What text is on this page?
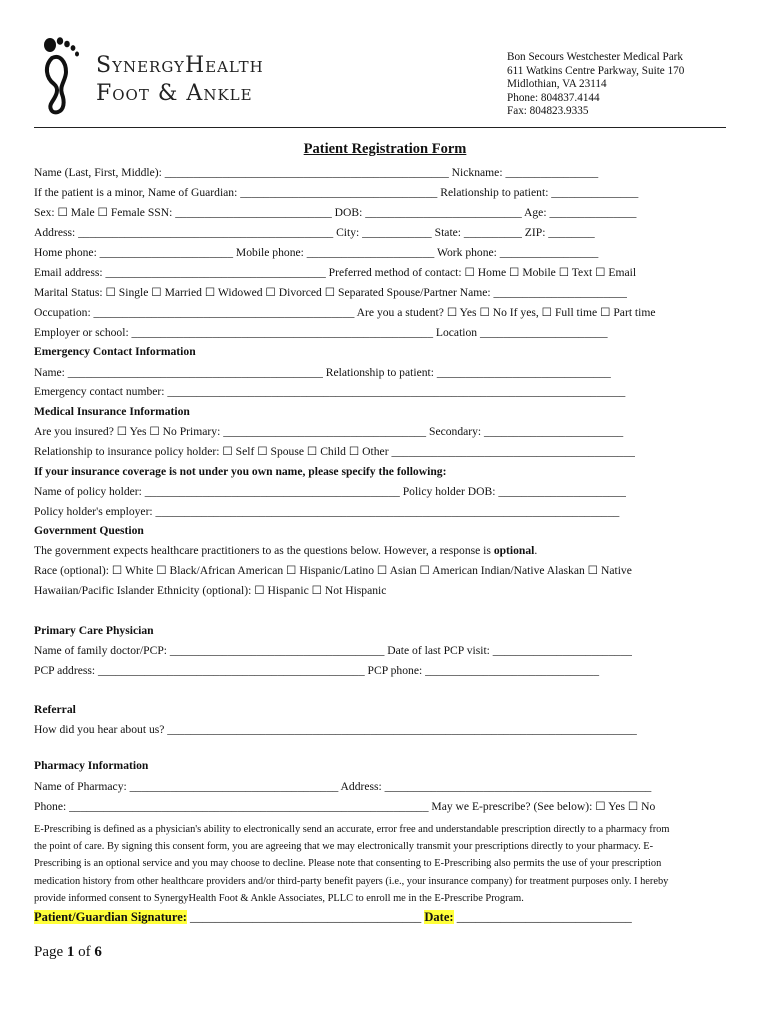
SynergyHealth
Foot & Ankle
Bon Secours Westchester Medical Park
611 Watkins Centre Parkway, Suite 170
Midlothian, VA 23114
Phone: 804837.4144
Fax: 804823.9335
Patient Registration Form
Name (Last, First, Middle): _________________________________________________ Nickname: ________________
If the patient is a minor, Name of Guardian: __________________________________ Relationship to patient: _______________
Sex: ☐ Male ☐ Female SSN: ___________________________ DOB: ___________________________ Age: _______________
Address: ____________________________________________ City: ____________ State: __________ ZIP: ________
Home phone: _______________________ Mobile phone: ______________________ Work phone: _________________
Email address: ______________________________________ Preferred method of contact: ☐ Home ☐ Mobile ☐ Text ☐ Email
Marital Status: ☐ Single ☐ Married ☐ Widowed ☐ Divorced ☐ Separated Spouse/Partner Name: _______________________
Occupation: _____________________________________________ Are you a student? ☐ Yes ☐ No If yes, ☐ Full time ☐ Part time
Employer or school: ____________________________________________________ Location ______________________
Emergency Contact Information
Name: ____________________________________________ Relationship to patient: ______________________________
Emergency contact number: _______________________________________________________________________________
Medical Insurance Information
Are you insured? ☐ Yes ☐ No Primary: ___________________________________ Secondary: ________________________
Relationship to insurance policy holder: ☐ Self ☐ Spouse ☐ Child ☐ Other __________________________________________
If your insurance coverage is not under you own name, please specify the following:
Name of policy holder: ____________________________________________ Policy holder DOB: ______________________
Policy holder's employer: ________________________________________________________________________________
Government Question
The government expects healthcare practitioners to as the questions below. However, a response is optional.
Race (optional): ☐ White ☐ Black/African American ☐ Hispanic/Latino ☐ Asian ☐ American Indian/Native Alaskan ☐ Native
Hawaiian/Pacific Islander Ethnicity (optional): ☐ Hispanic ☐ Not Hispanic
Primary Care Physician
Name of family doctor/PCP: _____________________________________ Date of last PCP visit: ________________________
PCP address: ______________________________________________ PCP phone: ______________________________
Referral
How did you hear about us? _________________________________________________________________________________
Pharmacy Information
Name of Pharmacy: ____________________________________ Address: ______________________________________________
Phone: ______________________________________________________________ May we E-prescribe? (See below): ☐ Yes ☐ No
E-Prescribing is defined as a physician's ability to electronically send an accurate, error free and understandable prescription directly to a pharmacy from
the point of care. By signing this consent form, you are agreeing that we may electronically transmit your prescriptions directly to your pharmacy. E-
Prescribing is an optional service and you may choose to decline. Please note that consenting to E-Prescribing also permits the use of your prescription
medication history from other healthcare providers and/or third-party benefit payers (i.e., your insurance company) for treatment purposes only. I hereby
provide informed consent to SynergyHealth Foot & Ankle Associates, PLLC to enroll me in the E-Prescribe Program.
Patient/Guardian Signature: _____________________________________ Date: ____________________________
Page 1 of 6
